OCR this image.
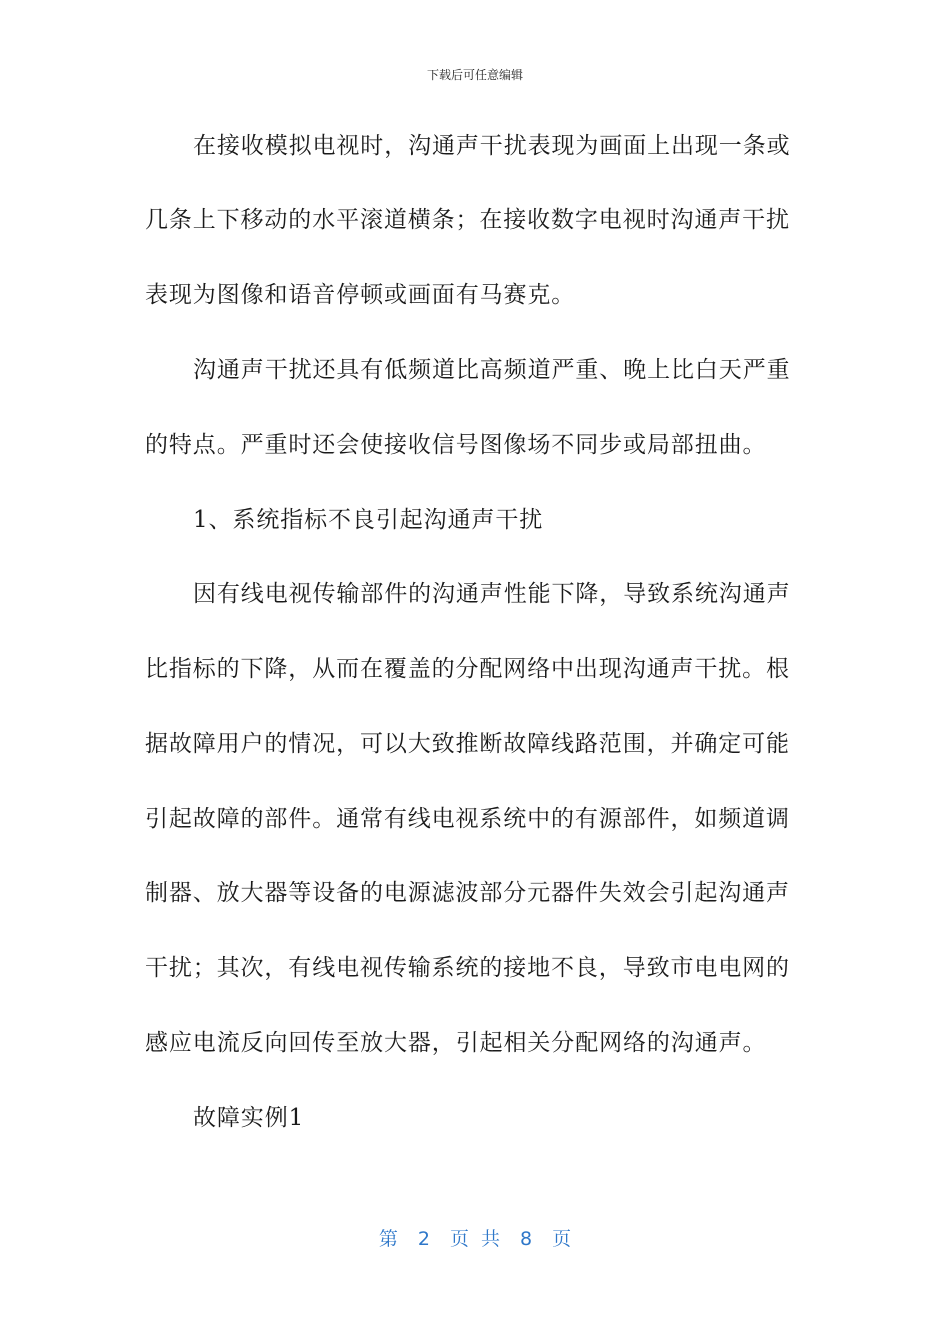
下载后可任意编辑
在接收模拟电视时，沟通声干扰表现为画面上出现一条或
几条上下移动的水平滚道横条；在接收数字电视时沟通声干扰
表现为图像和语音停顿或画面有马赛克。
沟通声干扰还具有低频道比高频道严重、晚上比白天严重
的特点。严重时还会使接收信号图像场不同步或局部扭曲。
1、系统指标不良引起沟通声干扰
因有线电视传输部件的沟通声性能下降，导致系统沟通声
比指标的下降，从而在覆盖的分配网络中出现沟通声干扰。根
据故障用户的情况，可以大致推断故障线路范围，并确定可能
引起故障的部件。通常有线电视系统中的有源部件，如频道调
制器、放大器等设备的电源滤波部分元器件失效会引起沟通声
干扰；其次，有线电视传输系统的接地不良，导致市电电网的
感应电流反向回传至放大器，引起相关分配网络的沟通声。
故障实例1
第 2 页 共 8 页
